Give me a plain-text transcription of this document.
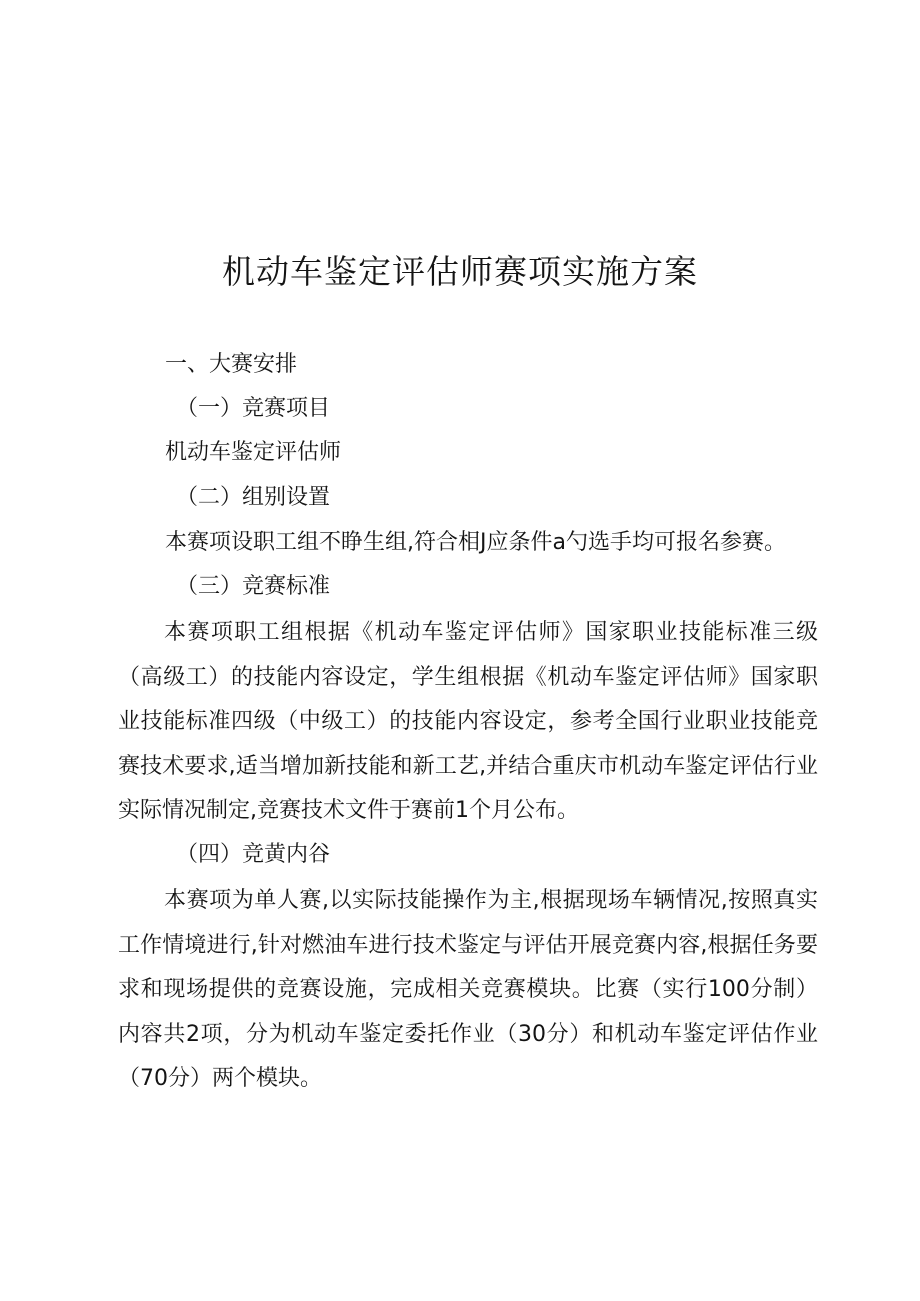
机动车鉴定评估师赛项实施方案

一、大赛安排

（一）竞赛项目

机动车鉴定评估师

（二）组别设置

本赛项设职工组不睁生组,符合相J应条件a勺选手均可报名参赛。

（三）竞赛标准

本赛项职工组根据《机动车鉴定评估师》国家职业技能标准三级（高级工）的技能内容设定，学生组根据《机动车鉴定评估师》国家职业技能标准四级（中级工）的技能内容设定，参考全国行业职业技能竞赛技术要求,适当增加新技能和新工艺,并结合重庆市机动车鉴定评估行业实际情况制定,竞赛技术文件于赛前1个月公布。

（四）竞黄内谷

本赛项为单人赛,以实际技能操作为主,根据现场车辆情况,按照真实工作情境进行,针对燃油车进行技术鉴定与评估开展竞赛内容,根据任务要求和现场提供的竞赛设施，完成相关竞赛模块。比赛（实行100分制）内容共2项，分为机动车鉴定委托作业（30分）和机动车鉴定评估作业（70分）两个模块。
